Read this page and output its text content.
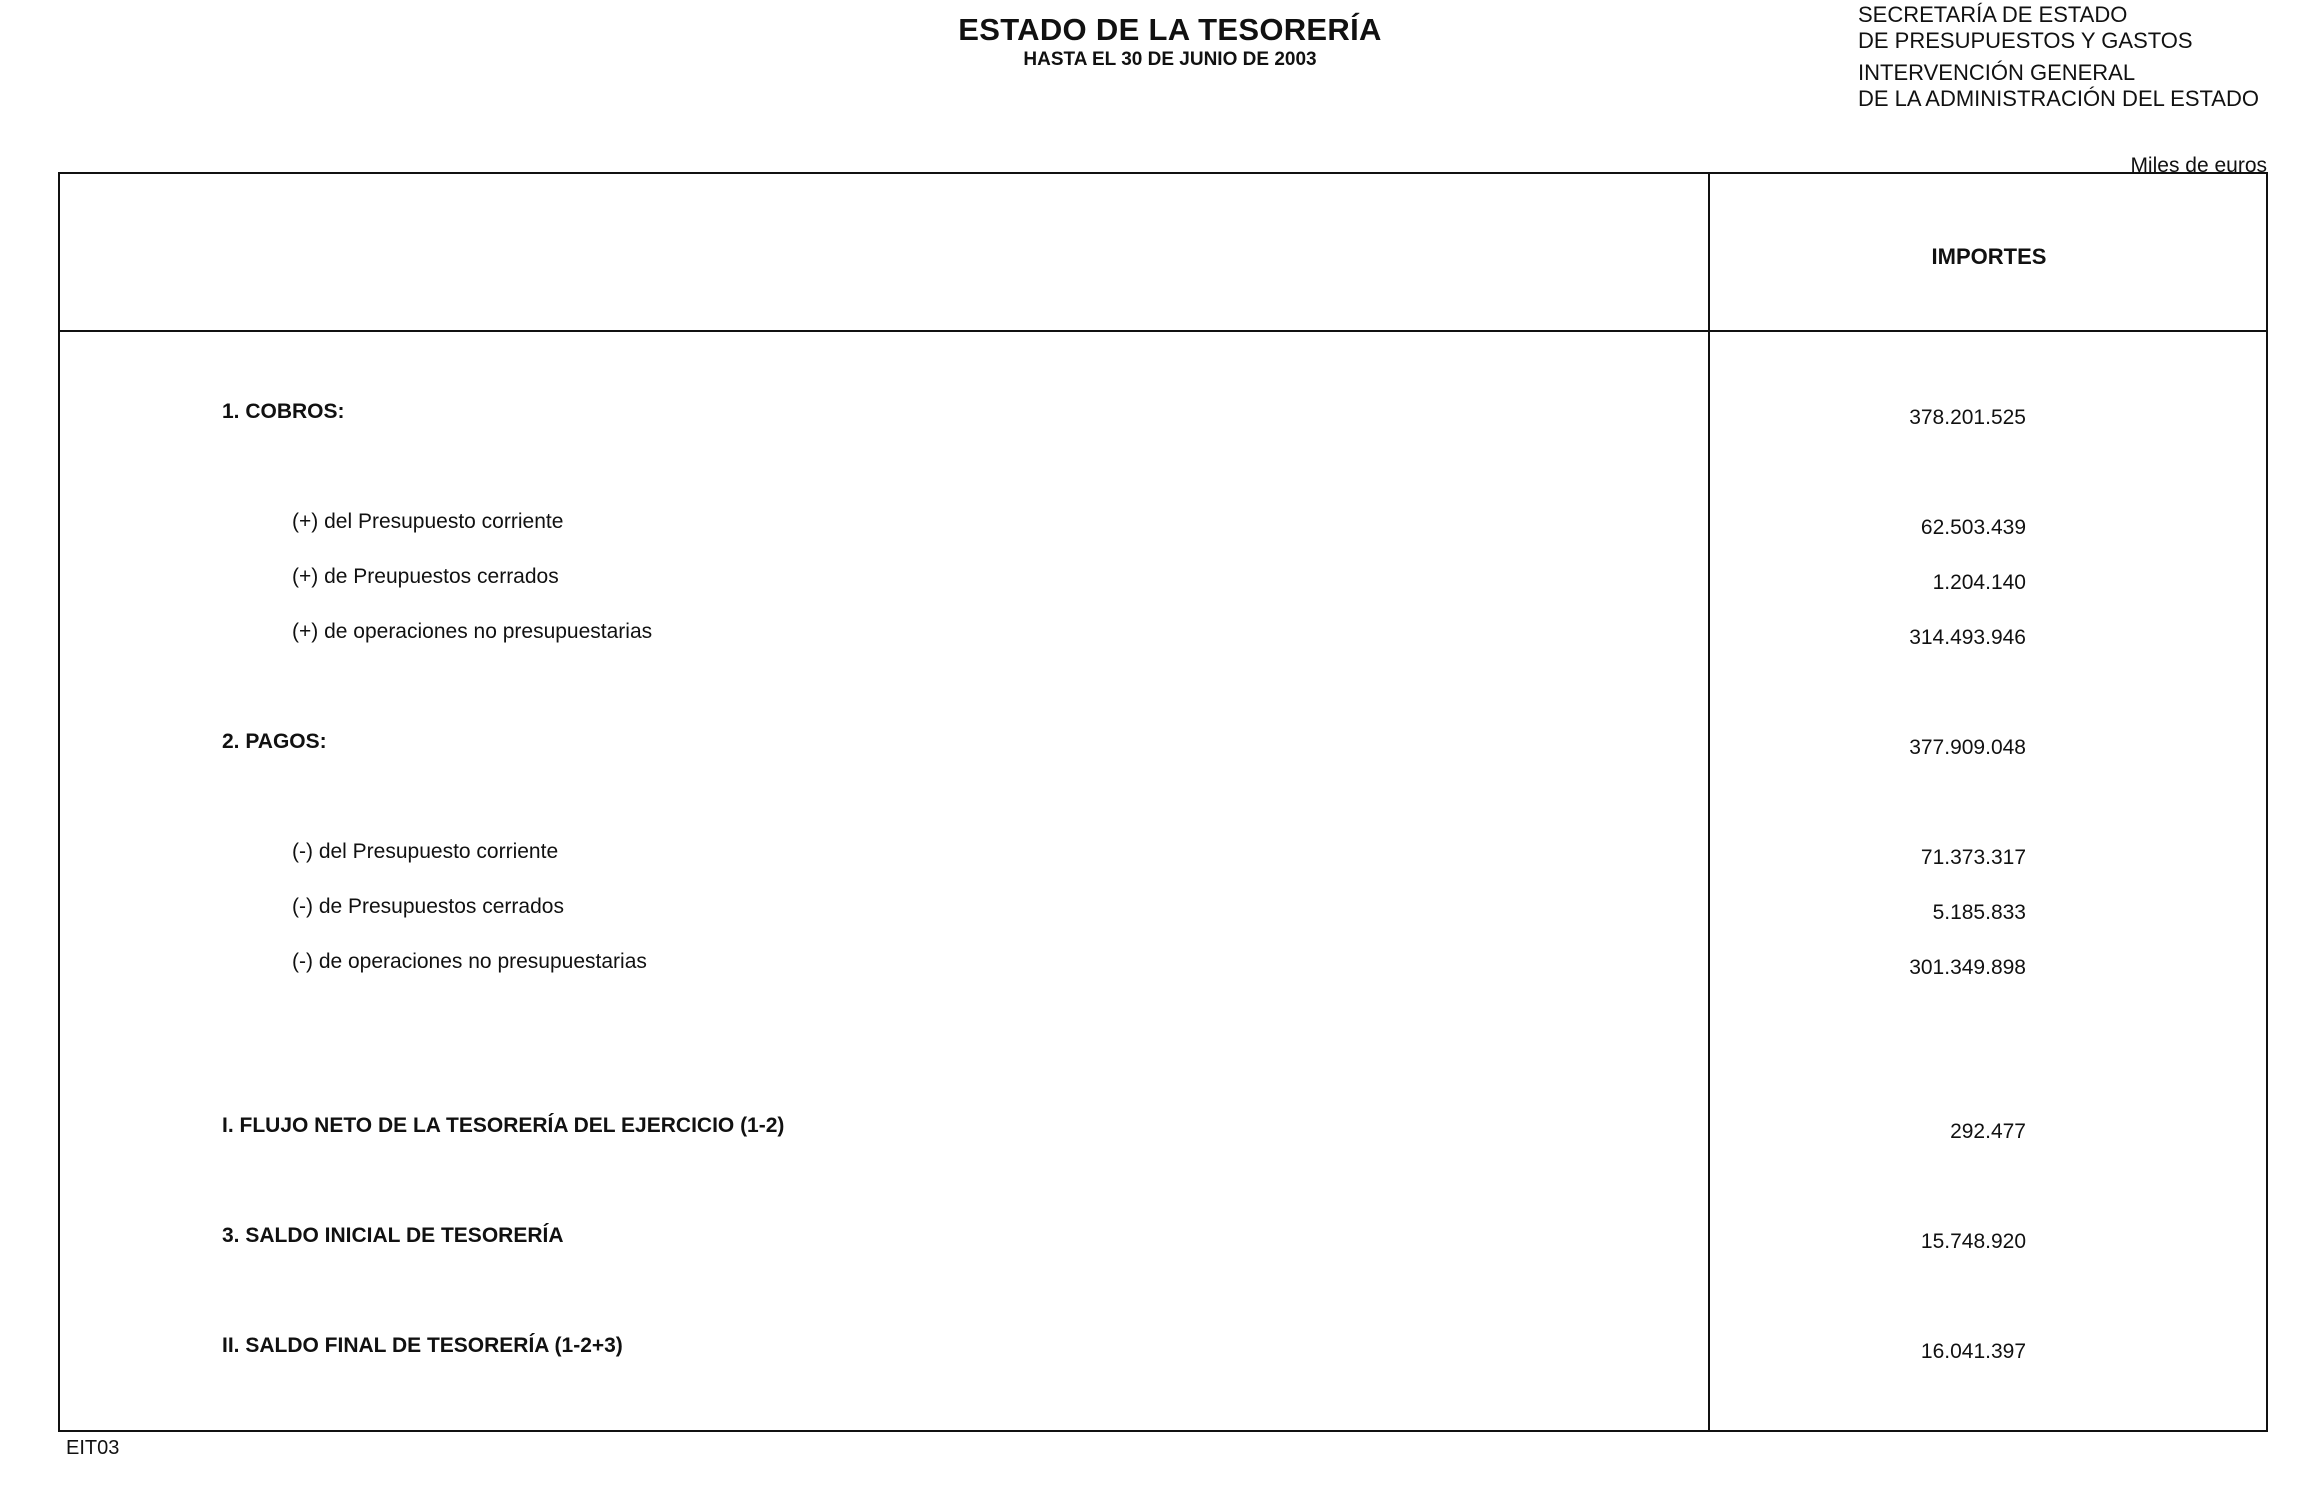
ESTADO DE LA TESORERÍA
HASTA EL 30 DE JUNIO DE 2003
SECRETARÍA DE ESTADO
DE PRESUPUESTOS Y GASTOS
INTERVENCIÓN GENERAL
DE LA ADMINISTRACIÓN DEL ESTADO
Miles de euros
IMPORTES
1. COBROS:	378.201.525
(+) del Presupuesto corriente	62.503.439
(+) de Preupuestos cerrados	1.204.140
(+) de operaciones no presupuestarias	314.493.946
2. PAGOS:	377.909.048
(-) del Presupuesto corriente	71.373.317
(-) de Presupuestos cerrados	5.185.833
(-) de operaciones no presupuestarias	301.349.898
I. FLUJO NETO DE LA TESORERÍA DEL EJERCICIO (1-2)	292.477
3. SALDO INICIAL DE TESORERÍA	15.748.920
II. SALDO FINAL DE TESORERÍA (1-2+3)	16.041.397
EIT03
